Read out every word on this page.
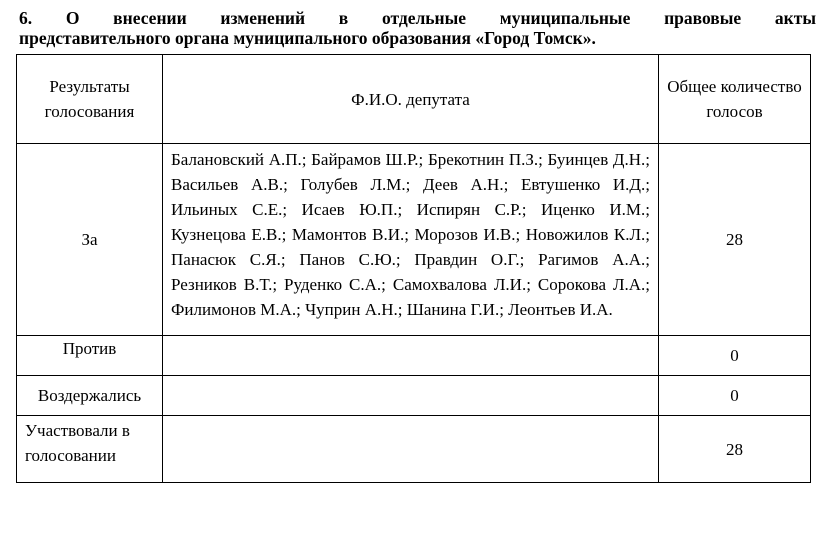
6. О внесении изменений в отдельные муниципальные правовые акты
представительного органа муниципального образования «Город Томск».
Результаты голосования	Ф.И.О. депутата	Общее количество голосов
За	Балановский А.П.; Байрамов Ш.Р.; Брекотнин П.З.; Буинцев Д.Н.; Васильев А.В.; Голубев Л.М.; Деев А.Н.; Евтушенко И.Д.; Ильиных С.Е.; Исаев Ю.П.; Испирян С.Р.; Иценко И.М.; Кузнецова Е.В.; Мамонтов В.И.; Морозов И.В.; Новожилов К.Л.; Панасюк С.Я.; Панов С.Ю.; Правдин О.Г.; Рагимов А.А.; Резников В.Т.; Руденко С.А.; Самохвалова Л.И.; Сорокова Л.А.; Филимонов М.А.; Чуприн А.Н.; Шанина Г.И.; Леонтьев И.А.	28
Против		0
Воздержались		0
Участвовали в голосовании		28
